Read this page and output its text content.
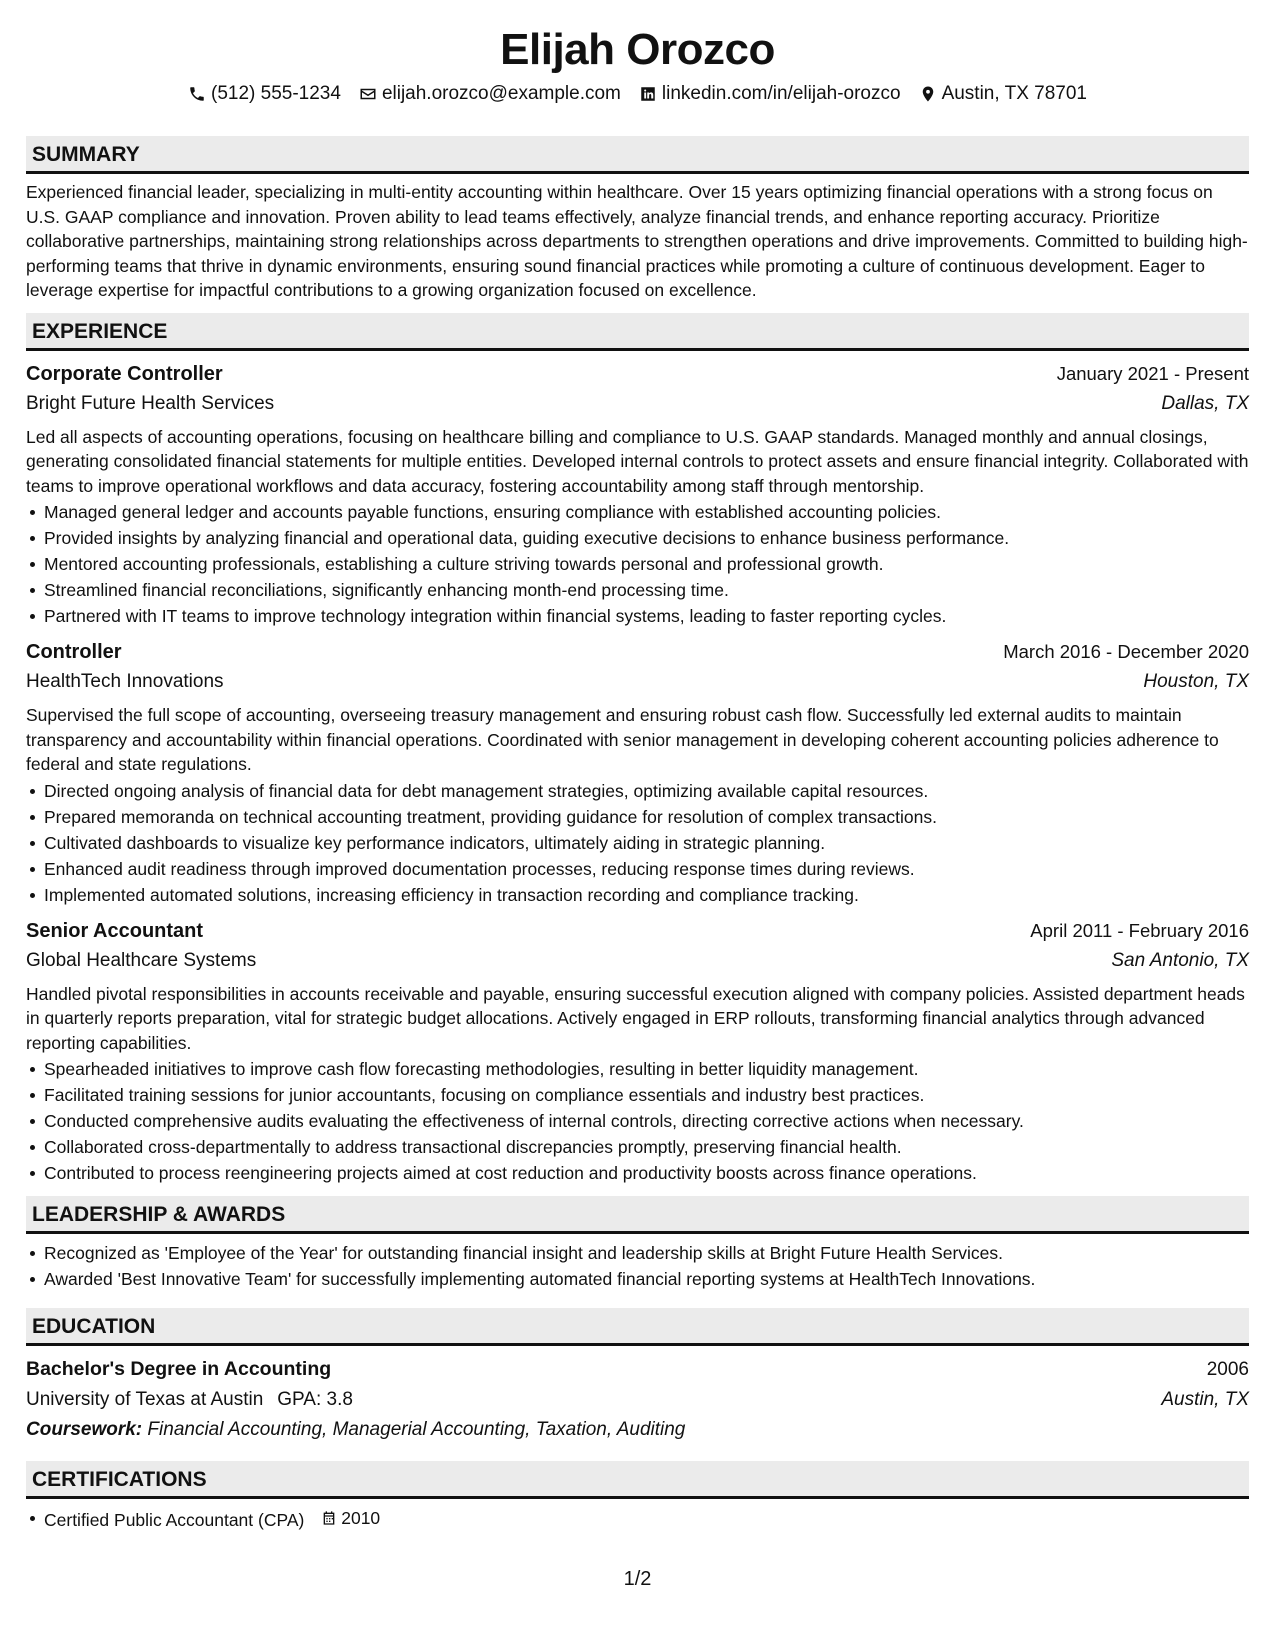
Elijah Orozco
(512) 555-1234 elijah.orozco@example.com linkedin.com/in/elijah-orozco Austin, TX 78701
SUMMARY

Experienced financial leader, specializing in multi-entity accounting within healthcare. Over 15 years optimizing financial operations with a strong focus on U.S. GAAP compliance and innovation. Proven ability to lead teams effectively, analyze financial trends, and enhance reporting accuracy. Prioritize collaborative partnerships, maintaining strong relationships across departments to strengthen operations and drive improvements. Committed to building high-performing teams that thrive in dynamic environments, ensuring sound financial practices while promoting a culture of continuous development. Eager to leverage expertise for impactful contributions to a growing organization focused on excellence.

EXPERIENCE
Corporate Controller	January 2021 - Present
Bright Future Health Services	Dallas, TX

Led all aspects of accounting operations, focusing on healthcare billing and compliance to U.S. GAAP standards. Managed monthly and annual closings, generating consolidated financial statements for multiple entities. Developed internal controls to protect assets and ensure financial integrity. Collaborated with teams to improve operational workflows and data accuracy, fostering accountability among staff through mentorship.

Managed general ledger and accounts payable functions, ensuring compliance with established accounting policies.
Provided insights by analyzing financial and operational data, guiding executive decisions to enhance business performance.
Mentored accounting professionals, establishing a culture striving towards personal and professional growth.
Streamlined financial reconciliations, significantly enhancing month-end processing time.
Partnered with IT teams to improve technology integration within financial systems, leading to faster reporting cycles.
Controller	March 2016 - December 2020
HealthTech Innovations	Houston, TX

Supervised the full scope of accounting, overseeing treasury management and ensuring robust cash flow. Successfully led external audits to maintain transparency and accountability within financial operations. Coordinated with senior management in developing coherent accounting policies adherence to federal and state regulations.

Directed ongoing analysis of financial data for debt management strategies, optimizing available capital resources.
Prepared memoranda on technical accounting treatment, providing guidance for resolution of complex transactions.
Cultivated dashboards to visualize key performance indicators, ultimately aiding in strategic planning.
Enhanced audit readiness through improved documentation processes, reducing response times during reviews.
Implemented automated solutions, increasing efficiency in transaction recording and compliance tracking.
Senior Accountant	April 2011 - February 2016
Global Healthcare Systems	San Antonio, TX

Handled pivotal responsibilities in accounts receivable and payable, ensuring successful execution aligned with company policies. Assisted department heads in quarterly reports preparation, vital for strategic budget allocations. Actively engaged in ERP rollouts, transforming financial analytics through advanced reporting capabilities.

Spearheaded initiatives to improve cash flow forecasting methodologies, resulting in better liquidity management.
Facilitated training sessions for junior accountants, focusing on compliance essentials and industry best practices.
Conducted comprehensive audits evaluating the effectiveness of internal controls, directing corrective actions when necessary.
Collaborated cross-departmentally to address transactional discrepancies promptly, preserving financial health.
Contributed to process reengineering projects aimed at cost reduction and productivity boosts across finance operations.
LEADERSHIP & AWARDS
Recognized as 'Employee of the Year' for outstanding financial insight and leadership skills at Bright Future Health Services.
Awarded 'Best Innovative Team' for successfully implementing automated financial reporting systems at HealthTech Innovations.
EDUCATION
Bachelor's Degree in Accounting	2006
University of Texas at Austin GPA: 3.8	Austin, TX
Coursework: Financial Accounting, Managerial Accounting, Taxation, Auditing
CERTIFICATIONS
Certified Public Accountant (CPA) 2010
1/2
